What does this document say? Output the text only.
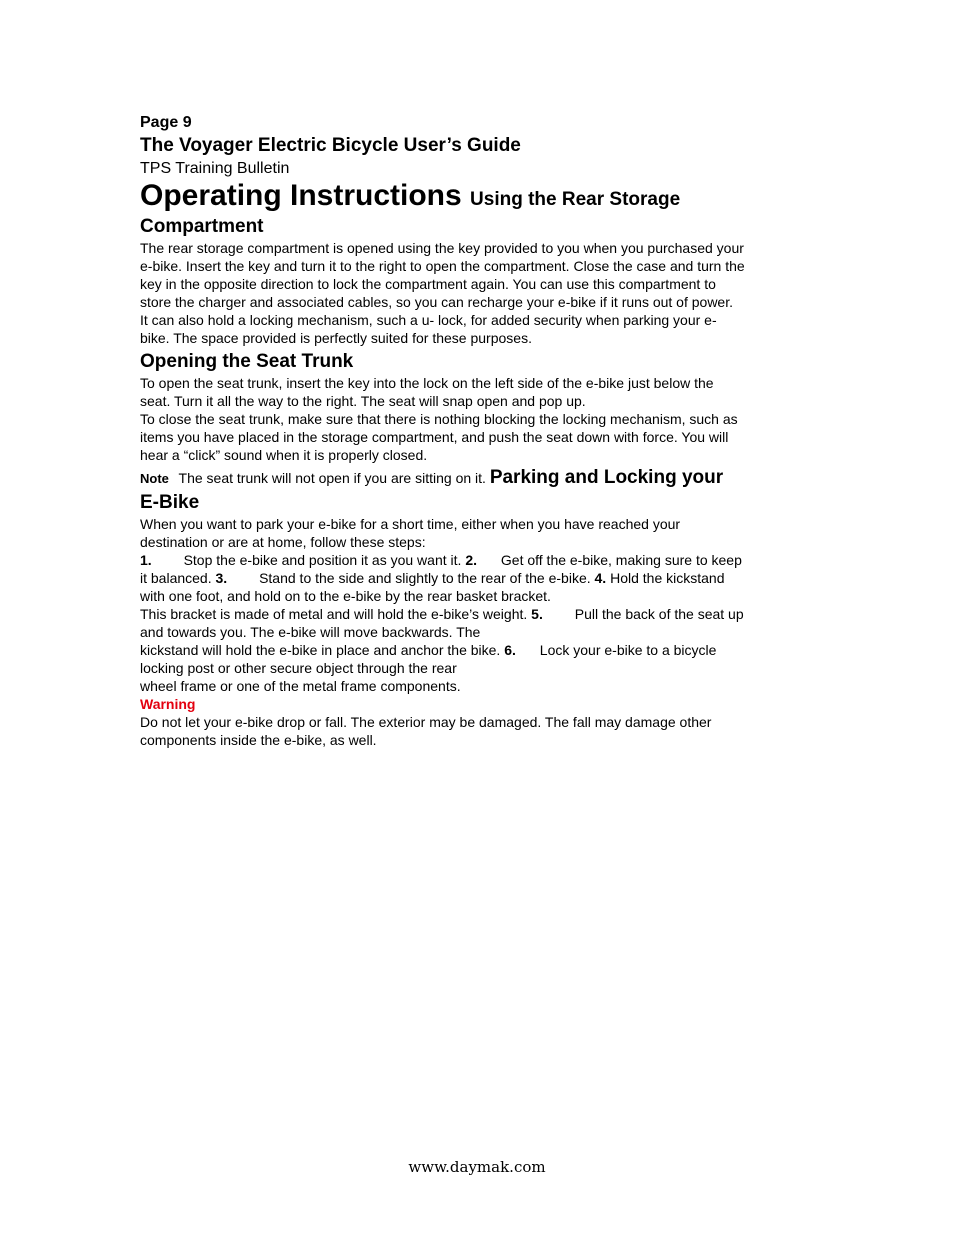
Page 9
The Voyager Electric Bicycle User’s Guide
TPS Training Bulletin
Operating Instructions Using the Rear Storage
Compartment
The rear storage compartment is opened using the key provided to you when you purchased your
e-bike. Insert the key and turn it to the right to open the compartment. Close the case and turn the
key in the opposite direction to lock the compartment again. You can use this compartment to
store the charger and associated cables, so you can recharge your e-bike if it runs out of power.
It can also hold a locking mechanism, such a u- lock, for added security when parking your e-
bike. The space provided is perfectly suited for these purposes.
Opening the Seat Trunk
To open the seat trunk, insert the key into the lock on the left side of the e-bike just below the
seat. Turn it all the way to the right. The seat will snap open and pop up.
To close the seat trunk, make sure that there is nothing blocking the locking mechanism, such as
items you have placed in the storage compartment, and push the seat down with force. You will
hear a “click” sound when it is properly closed.
Note The seat trunk will not open if you are sitting on it. Parking and Locking your
E-Bike
When you want to park your e-bike for a short time, either when you have reached your
destination or are at home, follow these steps:
1. Stop the e-bike and position it as you want it. 2. Get off the e-bike, making sure to keep
it balanced. 3. Stand to the side and slightly to the rear of the e-bike. 4. Hold the kickstand
with one foot, and hold on to the e-bike by the rear basket bracket.
This bracket is made of metal and will hold the e-bike’s weight. 5. Pull the back of the seat up
and towards you. The e-bike will move backwards. The
kickstand will hold the e-bike in place and anchor the bike. 6. Lock your e-bike to a bicycle
locking post or other secure object through the rear
wheel frame or one of the metal frame components.
Warning
Do not let your e-bike drop or fall. The exterior may be damaged. The fall may damage other
components inside the e-bike, as well.
www.daymak.com
